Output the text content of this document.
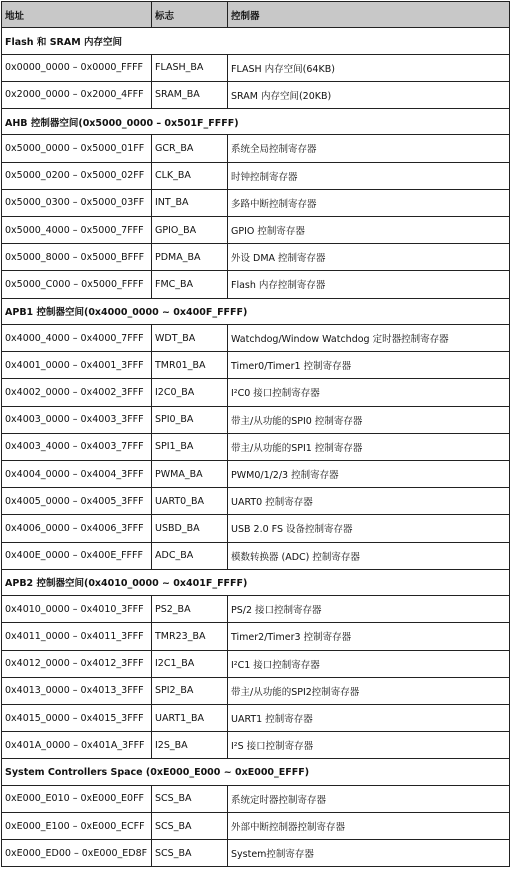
地址	标志	控制器
Flash 和 SRAM 内存空间		
0x0000_0000 – 0x0000_FFFF	FLASH_BA	FLASH 内存空间(64KB)
0x2000_0000 – 0x2000_4FFF	SRAM_BA	SRAM 内存空间(20KB)
AHB 控制器空间(0x5000_0000 – 0x501F_FFFF)		
0x5000_0000 – 0x5000_01FF	GCR_BA	系统全局控制寄存器
0x5000_0200 – 0x5000_02FF	CLK_BA	时钟控制寄存器
0x5000_0300 – 0x5000_03FF	INT_BA	多路中断控制寄存器
0x5000_4000 – 0x5000_7FFF	GPIO_BA	GPIO 控制寄存器
0x5000_8000 – 0x5000_BFFF	PDMA_BA	外设 DMA 控制寄存器
0x5000_C000 – 0x5000_FFFF	FMC_BA	Flash 内存控制寄存器
APB1 控制器空间(0x4000_0000 ~ 0x400F_FFFF)		
0x4000_4000 – 0x4000_7FFF	WDT_BA	Watchdog/Window Watchdog 定时器控制寄存器
0x4001_0000 – 0x4001_3FFF	TMR01_BA	Timer0/Timer1 控制寄存器
0x4002_0000 – 0x4002_3FFF	I2C0_BA	I²C0 接口控制寄存器
0x4003_0000 – 0x4003_3FFF	SPI0_BA	带主/从功能的SPI0 控制寄存器
0x4003_4000 – 0x4003_7FFF	SPI1_BA	带主/从功能的SPI1 控制寄存器
0x4004_0000 – 0x4004_3FFF	PWMA_BA	PWM0/1/2/3 控制寄存器
0x4005_0000 – 0x4005_3FFF	UART0_BA	UART0 控制寄存器
0x4006_0000 – 0x4006_3FFF	USBD_BA	USB 2.0 FS 设备控制寄存器
0x400E_0000 – 0x400E_FFFF	ADC_BA	模数转换器 (ADC) 控制寄存器
APB2 控制器空间(0x4010_0000 ~ 0x401F_FFFF)		
0x4010_0000 – 0x4010_3FFF	PS2_BA	PS/2 接口控制寄存器
0x4011_0000 – 0x4011_3FFF	TMR23_BA	Timer2/Timer3 控制寄存器
0x4012_0000 – 0x4012_3FFF	I2C1_BA	I²C1 接口控制寄存器
0x4013_0000 – 0x4013_3FFF	SPI2_BA	带主/从功能的SPI2控制寄存器
0x4015_0000 – 0x4015_3FFF	UART1_BA	UART1 控制寄存器
0x401A_0000 – 0x401A_3FFF	I2S_BA	I²S 接口控制寄存器
System Controllers Space (0xE000_E000 ~ 0xE000_EFFF)		
0xE000_E010 – 0xE000_E0FF	SCS_BA	系统定时器控制寄存器
0xE000_E100 – 0xE000_ECFF	SCS_BA	外部中断控制器控制寄存器
0xE000_ED00 – 0xE000_ED8F	SCS_BA	System控制寄存器
